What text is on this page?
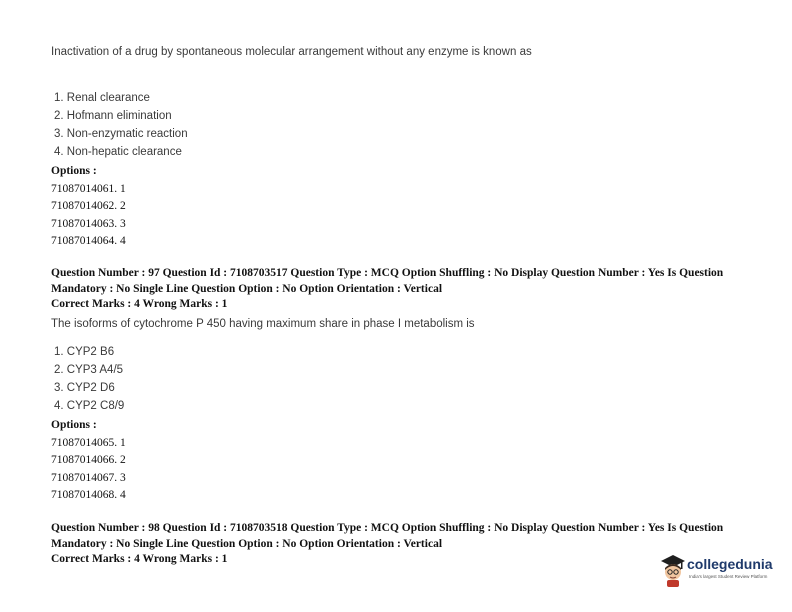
Inactivation of a drug by spontaneous molecular arrangement without any enzyme is known as
1. Renal clearance
2. Hofmann elimination
3. Non-enzymatic reaction
4. Non-hepatic clearance
Options :
71087014061. 1
71087014062. 2
71087014063. 3
71087014064. 4
Question Number : 97 Question Id : 7108703517 Question Type : MCQ Option Shuffling : No Display Question Number : Yes Is Question Mandatory : No Single Line Question Option : No Option Orientation : Vertical
Correct Marks : 4 Wrong Marks : 1
The isoforms of cytochrome P 450 having maximum share in phase I metabolism is
1. CYP2 B6
2. CYP3 A4/5
3. CYP2 D6
4. CYP2 C8/9
Options :
71087014065. 1
71087014066. 2
71087014067. 3
71087014068. 4
Question Number : 98 Question Id : 7108703518 Question Type : MCQ Option Shuffling : No Display Question Number : Yes Is Question Mandatory : No Single Line Question Option : No Option Orientation : Vertical
Correct Marks : 4 Wrong Marks : 1	collegedunia
India's largest Student Review Platform
